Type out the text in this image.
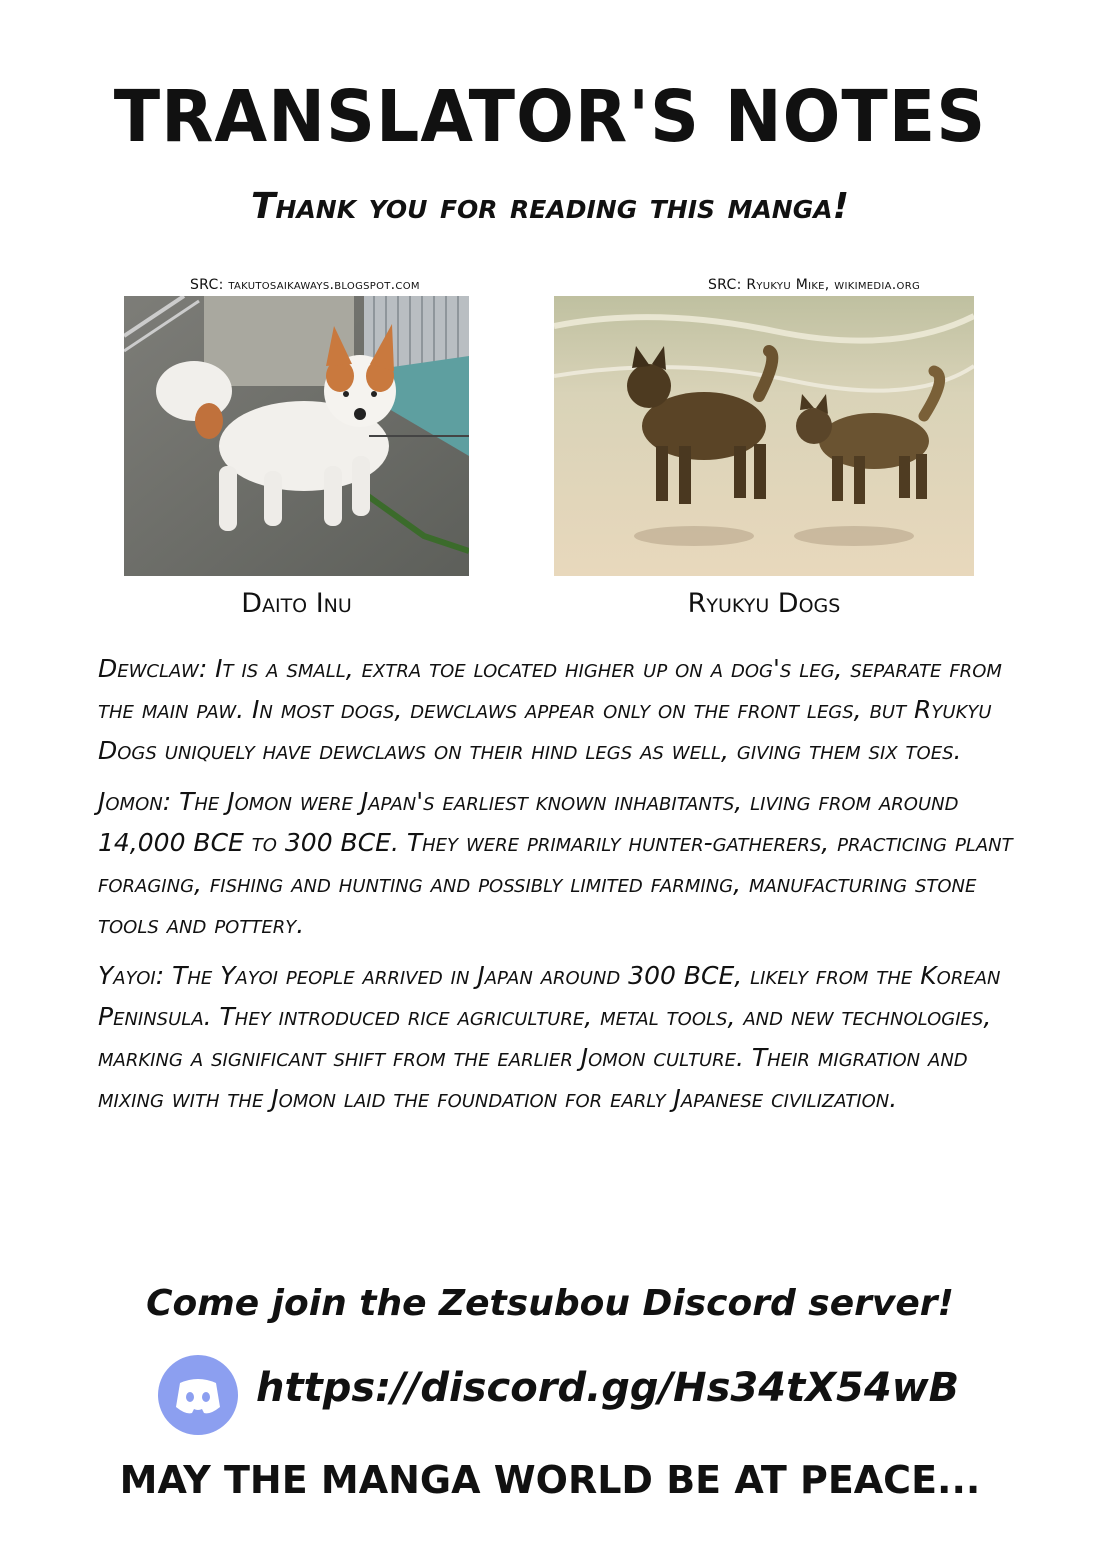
TRANSLATOR'S NOTES
Thank you for reading this manga!
SRC: takutosaikaways.blogspot.com
Daito Inu
SRC: Ryukyu Mike, wikimedia.org
Ryukyu Dogs

Dewclaw: It is a small, extra toe located higher up on a dog's leg, separate from the main paw. In most dogs, dewclaws appear only on the front legs, but Ryukyu Dogs uniquely have dewclaws on their hind legs as well, giving them six toes.

Jomon: The Jomon were Japan's earliest known inhabitants, living from around 14,000 BCE to 300 BCE. They were primarily hunter-gatherers, practicing plant foraging, fishing and hunting and possibly limited farming, manufacturing stone tools and pottery.

Yayoi: The Yayoi people arrived in Japan around 300 BCE, likely from the Korean Peninsula. They introduced rice agriculture, metal tools, and new technologies, marking a significant shift from the earlier Jomon culture. Their migration and mixing with the Jomon laid the foundation for early Japanese civilization.

Come join the Zetsubou Discord server!
https://discord.gg/Hs34tX54wB
MAY THE MANGA WORLD BE AT PEACE...
